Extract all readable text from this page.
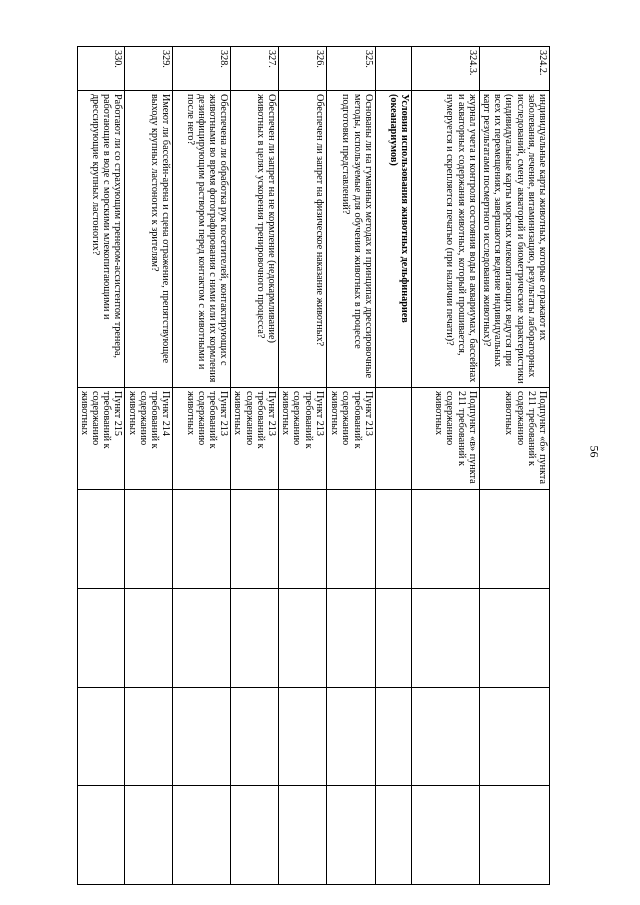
56
324.2.	индивидуальные карты животных, которые отражают их заболевания, лечение, витаминизацию, результаты лабораторных исследований, смену акваторий и биометрические характеристики (индивидуальные карты морских млекопитающих ведутся при всех их перемещениях, завершаются ведение индивидуальных карт результатами посмертного исследования животных)?	Подпункт «б» пункта 211 требований к содержанию животных				
324.3.	журнал учета и контроля состояния воды в аквариумах, бассейнах и акваторных содержания животных, который прошивается, нумеруется и скрепляется печатью (при наличии печати)?	Подпункт «в» пункта 211 требований к содержанию животных				
	Условия использования животных дельфинариев (океанариумов)					
325.	Основаны ли на гуманных методах и принципах дрессировочные методы, используемые для обучения животных в процессе подготовки представлений?	Пункт 213 требований к содержанию животных				
326.	Обеспечен ли запрет на физическое наказание животных?	Пункт 213 требований к содержанию животных				
327.	Обеспечен ли запрет на не кормление (недокармливание) животных в целях ускорения тренировочного процесса?	Пункт 213 требований к содержанию животных				
328.	Обеспечена ли обработка рук посетителей, контактирующих с животными во время фотографирования с ними или их кормления дезинфицирующим раствором перед контактом с животными и после него?	Пункт 213 требований к содержанию животных				
329.	Имеют ли бассейн-арена и сцена отражение, препятствующее выходу крупных ластоногих к зрителям?	Пункт 214 требований к содержанию животных				
330.	Работают ли со страхующим тренером-ассистентом тренера, работающие в воде с морскими млекопитающими и дрессирующие крупных ластоногих?	Пункт 215 требований к содержанию животных				
